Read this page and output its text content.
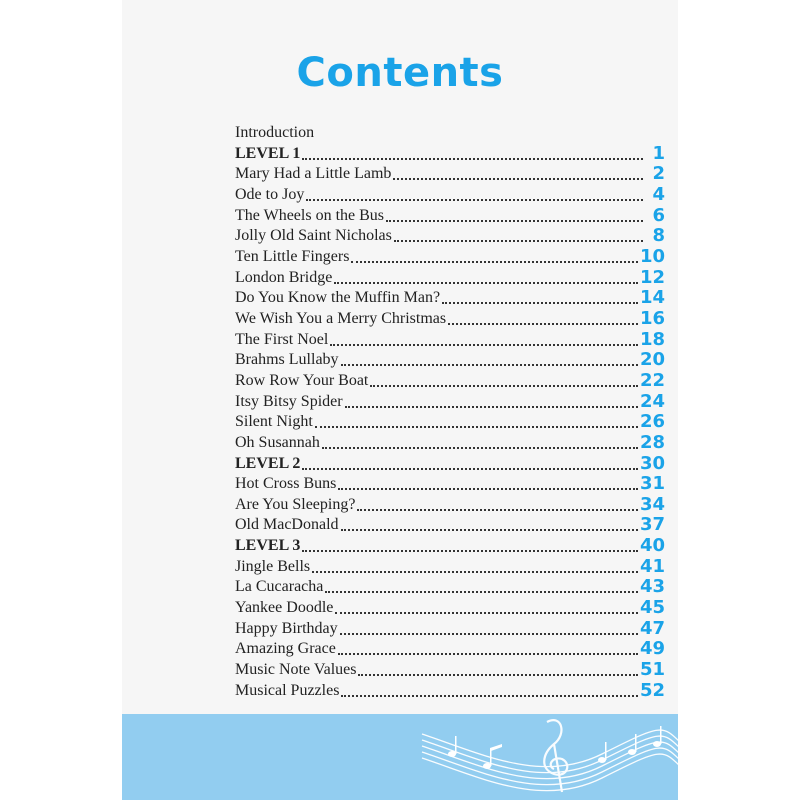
Contents
Introduction
LEVEL 1	1
Mary Had a Little Lamb	2
Ode to Joy	4
The Wheels on the Bus	6
Jolly Old Saint Nicholas	8
Ten Little Fingers	10
London Bridge	12
Do You Know the Muffin Man?	14
We Wish You a Merry Christmas	16
The First Noel	18
Brahms Lullaby	20
Row Row Your Boat	22
Itsy Bitsy Spider	24
Silent Night	26
Oh Susannah	28
LEVEL 2	30
Hot Cross Buns	31
Are You Sleeping?	34
Old MacDonald	37
LEVEL 3	40
Jingle Bells	41
La Cucaracha	43
Yankee Doodle	45
Happy Birthday	47
Amazing Grace	49
Music Note Values	51
Musical Puzzles	52
